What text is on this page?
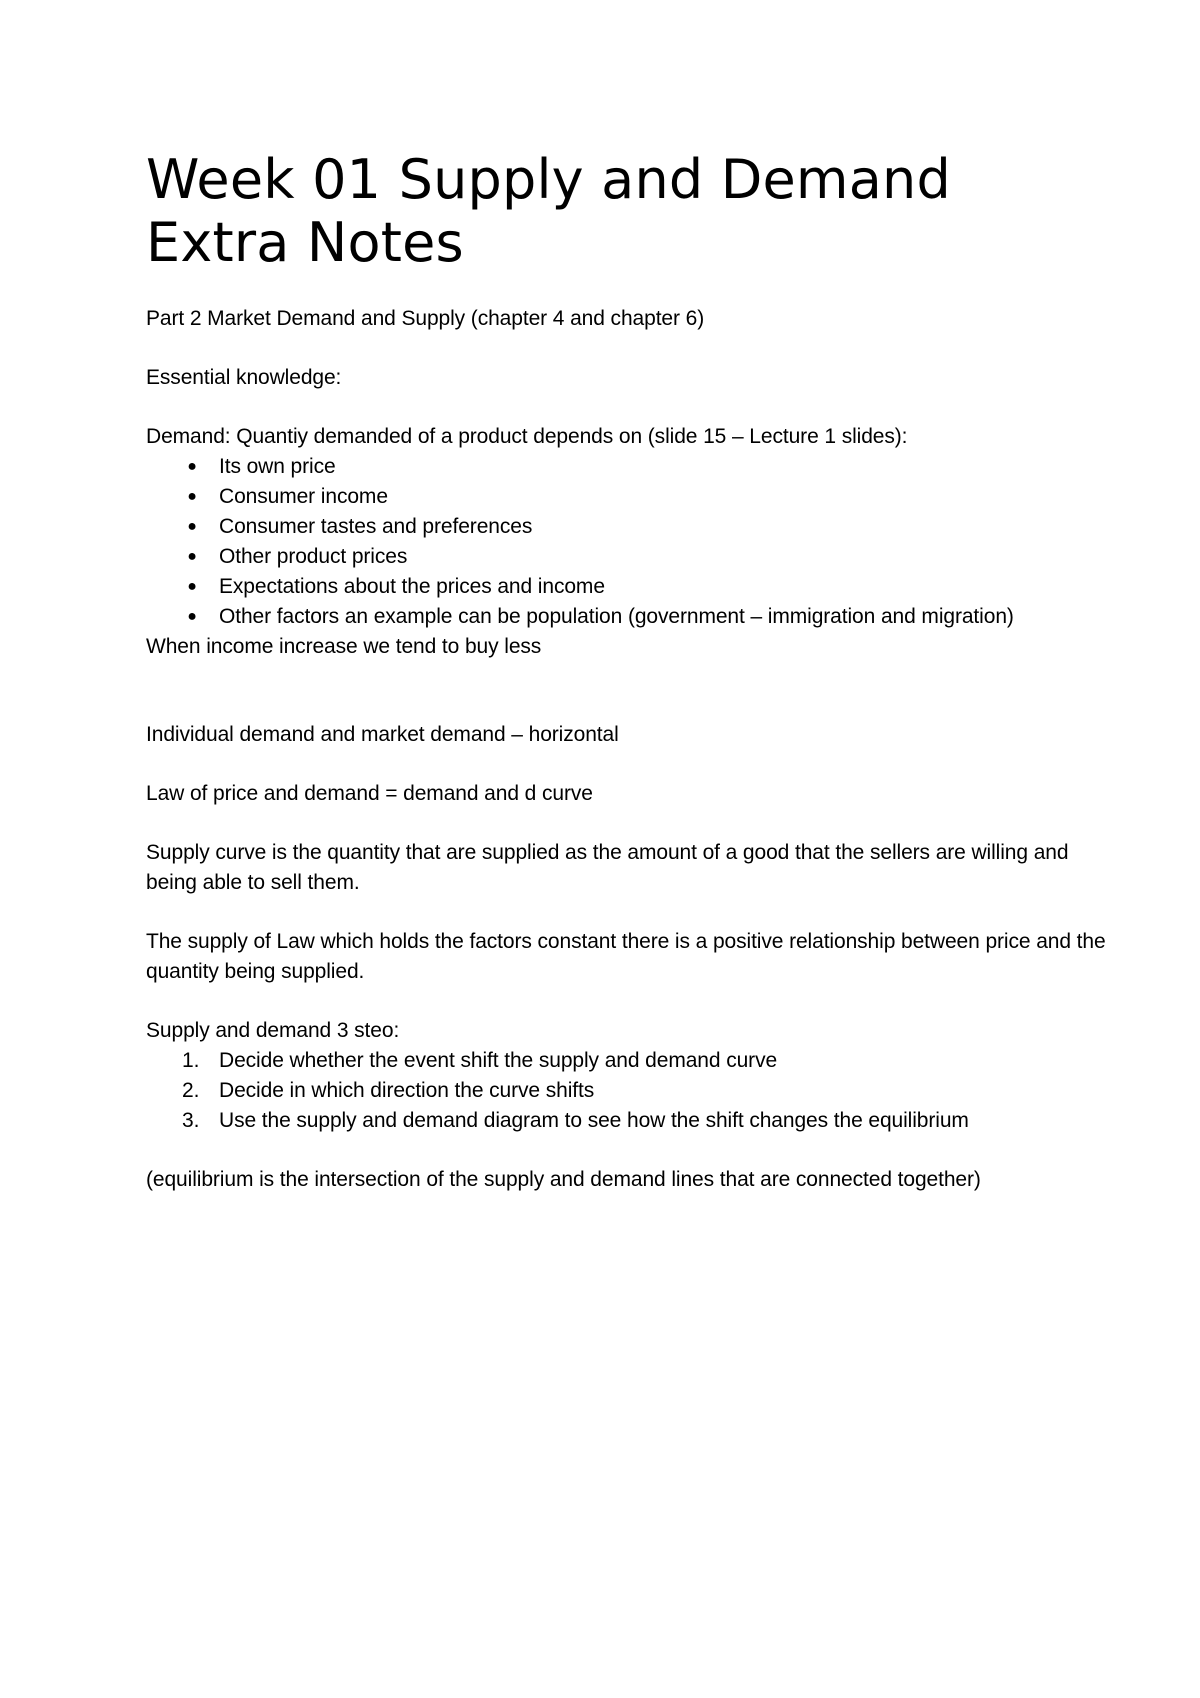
Week 01 Supply and Demand
Extra Notes

Part 2 Market Demand and Supply (chapter 4 and chapter 6)

Essential knowledge:

Demand: Quantiy demanded of a product depends on (slide 15 – Lecture 1 slides):

● Its own price
● Consumer income
● Consumer tastes and preferences
● Other product prices
● Expectations about the prices and income
● Other factors an example can be population (government – immigration and migration)

When income increase we tend to buy less

Individual demand and market demand – horizontal

Law of price and demand = demand and d curve

Supply curve is the quantity that are supplied as the amount of a good that the sellers are willing and being able to sell them.

The supply of Law which holds the factors constant there is a positive relationship between price and the quantity being supplied.

Supply and demand 3 steo:

1. Decide whether the event shift the supply and demand curve
2. Decide in which direction the curve shifts
3. Use the supply and demand diagram to see how the shift changes the equilibrium

(equilibrium is the intersection of the supply and demand lines that are connected together)
